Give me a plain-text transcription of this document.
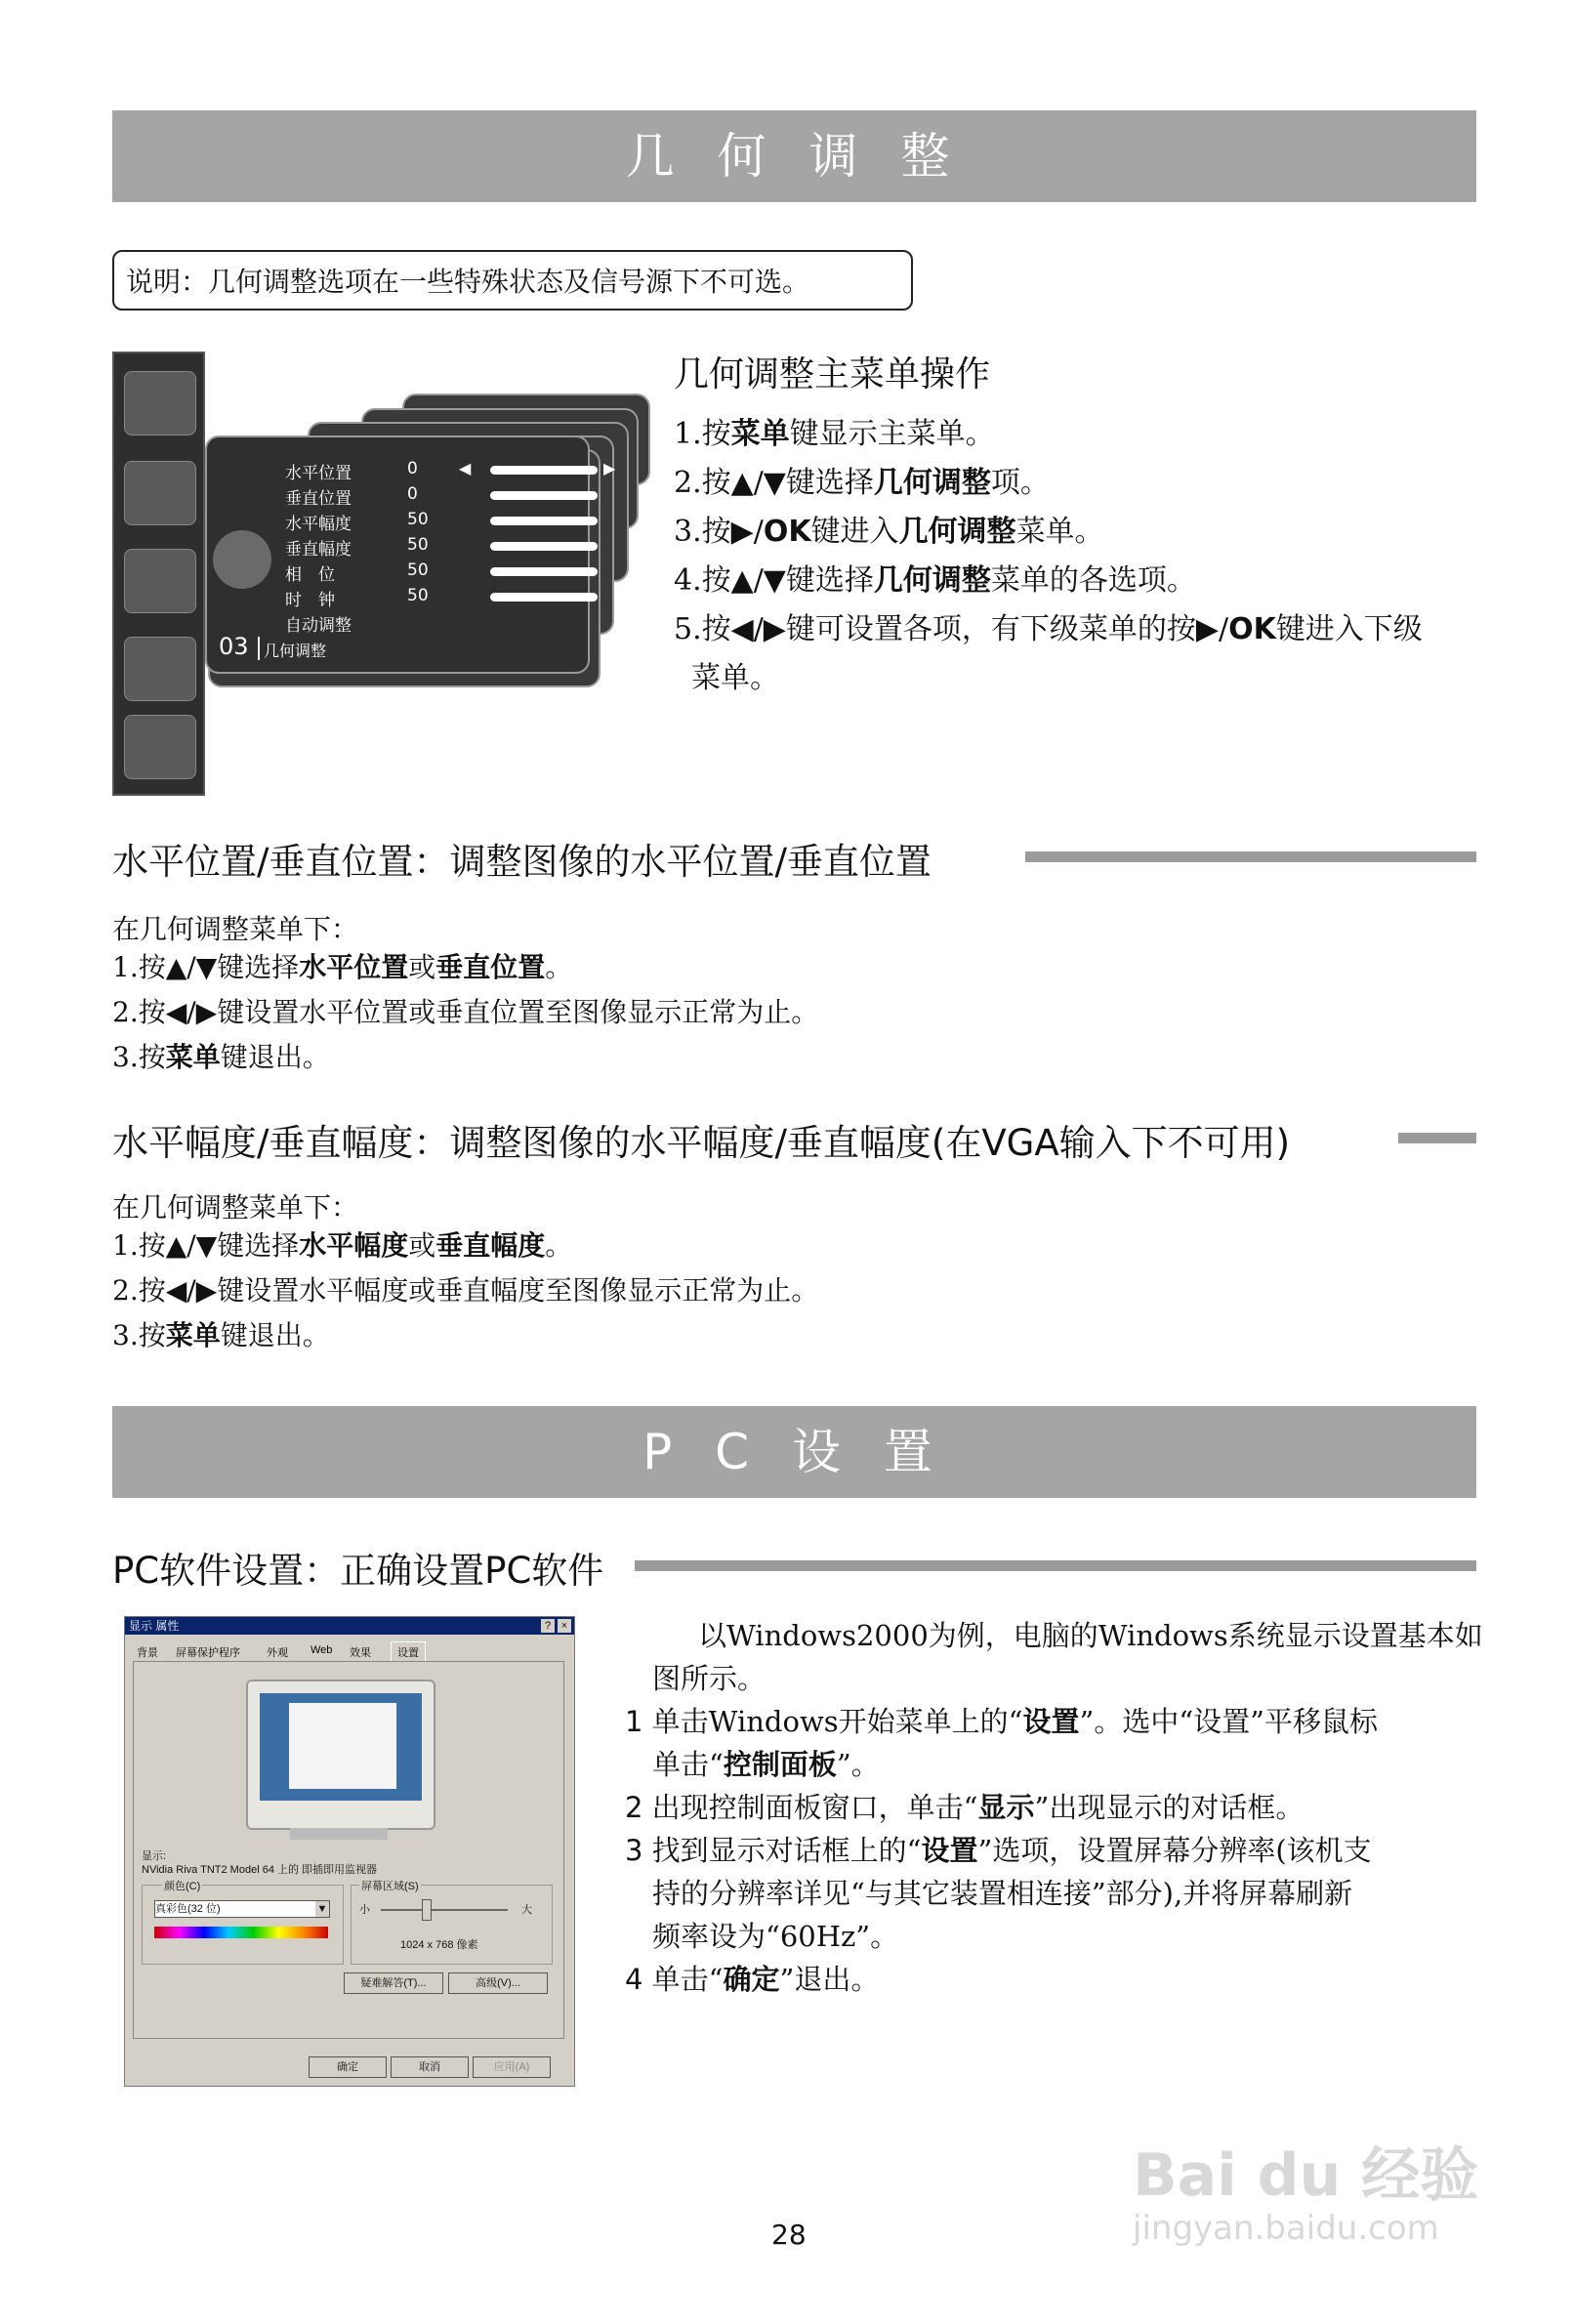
几 何 调 整
说明：几何调整选项在一些特殊状态及信号源下不可选。
水平位置	0	◀	▶
垂直位置	0
水平幅度	50
垂直幅度	50
相　位	50
时　钟	50
自动调整
03 几何调整
几何调整主菜单操作
1.按菜单键显示主菜单。
2.按▲/▼键选择几何调整项。
3.按▶/OK键进入几何调整菜单。
4.按▲/▼键选择几何调整菜单的各选项。
5.按◀/▶键可设置各项，有下级菜单的按▶/OK键进入下级
菜单。
水平位置/垂直位置：调整图像的水平位置/垂直位置
在几何调整菜单下：
1.按▲/▼键选择水平位置或垂直位置。
2.按◀/▶键设置水平位置或垂直位置至图像显示正常为止。
3.按菜单键退出。
水平幅度/垂直幅度：调整图像的水平幅度/垂直幅度(在VGA输入下不可用)
在几何调整菜单下：
1.按▲/▼键选择水平幅度或垂直幅度。
2.按◀/▶键设置水平幅度或垂直幅度至图像显示正常为止。
3.按菜单键退出。
P C 设 置
PC软件设置：正确设置PC软件
显示 属性	? ×
背景 屏幕保护程序 外观 Web 效果	设置
显示:
NVidia Riva TNT2 Model 64 上的 即插即用监视器
颜色(C)
真彩色(32 位)	▼
屏幕区域(S)
小	大
1024 x 768 像素
疑难解答(T)...	高级(V)...
确定	取消	应用(A)
以Windows2000为例，电脑的Windows系统显示设置基本如
图所示。
1 单击Windows开始菜单上的“设置”。选中“设置”平移鼠标
单击“控制面板”。
2 出现控制面板窗口，单击“显示”出现显示的对话框。
3 找到显示对话框上的“设置”选项，设置屏幕分辨率(该机支
持的分辨率详见“与其它装置相连接”部分),并将屏幕刷新
频率设为“60Hz”。
4 单击“确定”退出。
28
Bai du 经验
jingyan.baidu.com
